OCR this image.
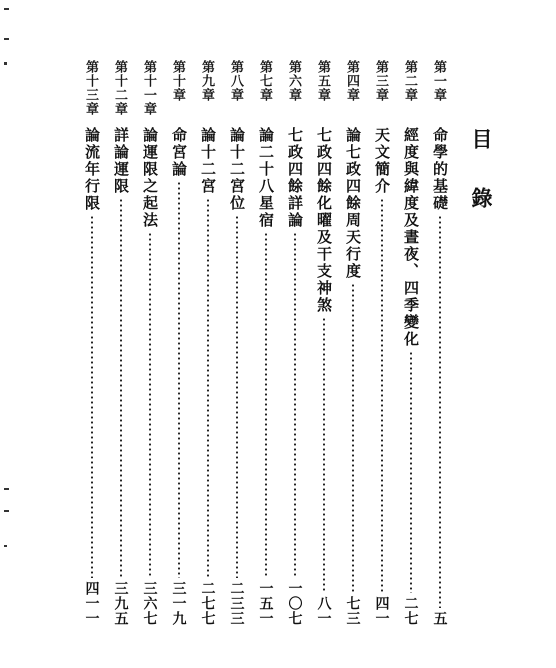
目錄
第一章
命學的基礎
五
第二章
經度與緯度及晝夜、四季變化
二七
第三章
天文簡介
四一
第四章
論七政四餘周天行度
七三
第五章
七政四餘化曜及干支神煞
八一
第六章
七政四餘詳論
一〇七
第七章
論二十八星宿
一五一
第八章
論十二宮位
二三三
第九章
論十二宮
二七七
第十章
命宮論
三一九
第十一章
論運限之起法
三六七
第十二章
詳論運限
三九五
第十三章
論流年行限
四一一
